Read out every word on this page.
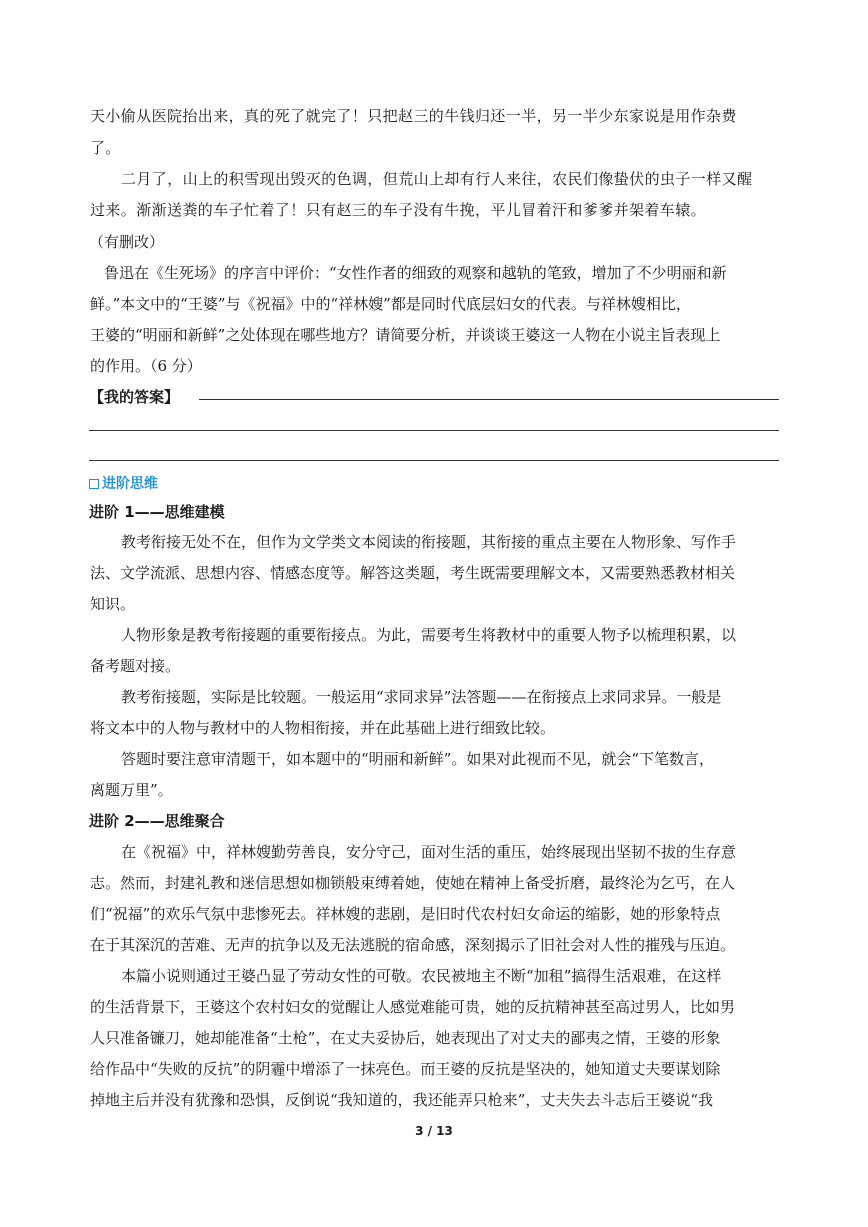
天小偷从医院抬出来，真的死了就完了！只把赵三的牛钱归还一半，另一半少东家说是用作杂费
了。
二月了，山上的积雪现出毁灭的色调，但荒山上却有行人来往，农民们像蛰伏的虫子一样又醒
过来。渐渐送粪的车子忙着了！只有赵三的车子没有牛挽，平儿冒着汗和爹爹并架着车辕。
（有删改）
鲁迅在《生死场》的序言中评价：“女性作者的细致的观察和越轨的笔致，增加了不少明丽和新
鲜。”本文中的“王婆”与《祝福》中的“祥林嫂”都是同时代底层妇女的代表。与祥林嫂相比，
王婆的“明丽和新鲜”之处体现在哪些地方？请简要分析，并谈谈王婆这一人物在小说主旨表现上
的作用。（6 分）
【我的答案】
进阶思维
进阶 1——思维建模
教考衔接无处不在，但作为文学类文本阅读的衔接题，其衔接的重点主要在人物形象、写作手
法、文学流派、思想内容、情感态度等。解答这类题，考生既需要理解文本，又需要熟悉教材相关
知识。
人物形象是教考衔接题的重要衔接点。为此，需要考生将教材中的重要人物予以梳理积累，以
备考题对接。
教考衔接题，实际是比较题。一般运用“求同求异”法答题——在衔接点上求同求异。一般是
将文本中的人物与教材中的人物相衔接，并在此基础上进行细致比较。
答题时要注意审清题干，如本题中的“明丽和新鲜”。如果对此视而不见，就会“下笔数言，
离题万里”。
进阶 2——思维聚合
在《祝福》中，祥林嫂勤劳善良，安分守己，面对生活的重压，始终展现出坚韧不拔的生存意
志。然而，封建礼教和迷信思想如枷锁般束缚着她，使她在精神上备受折磨，最终沦为乞丐，在人
们“祝福”的欢乐气氛中悲惨死去。祥林嫂的悲剧，是旧时代农村妇女命运的缩影，她的形象特点
在于其深沉的苦难、无声的抗争以及无法逃脱的宿命感，深刻揭示了旧社会对人性的摧残与压迫。
本篇小说则通过王婆凸显了劳动女性的可敬。农民被地主不断“加租”搞得生活艰难，在这样
的生活背景下，王婆这个农村妇女的觉醒让人感觉难能可贵，她的反抗精神甚至高过男人，比如男
人只准备镰刀，她却能准备“土枪”，在丈夫妥协后，她表现出了对丈夫的鄙夷之情，王婆的形象
给作品中“失败的反抗”的阴霾中增添了一抹亮色。而王婆的反抗是坚决的，她知道丈夫要谋划除
掉地主后并没有犹豫和恐惧，反倒说“我知道的，我还能弄只枪来”，丈夫失去斗志后王婆说“我
3 / 13
